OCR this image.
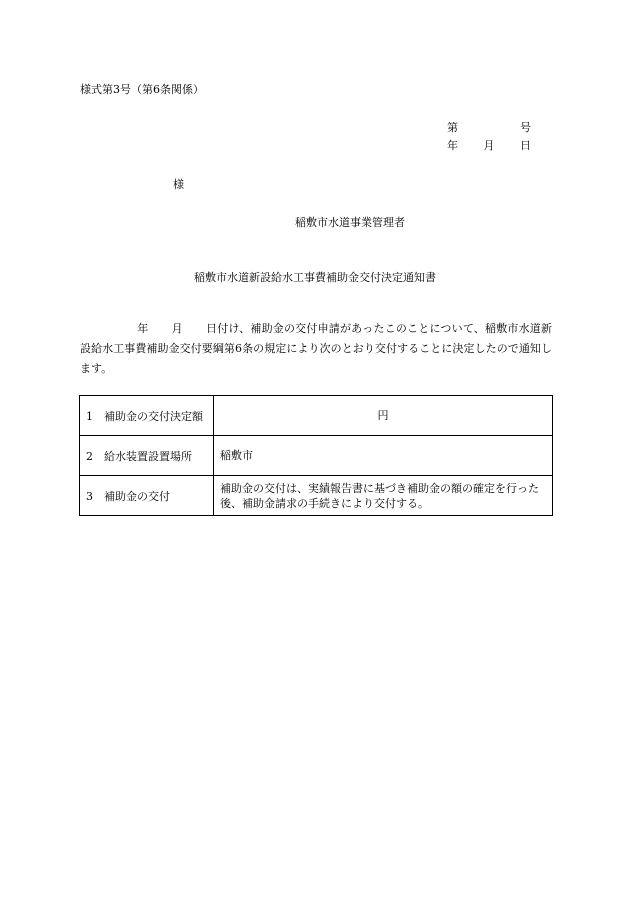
様式第3号（第6条関係）
第	号
年 月 日
様
稲敷市水道事業管理者
稲敷市水道新設給水工事費補助金交付決定通知書
年 月 日付け、補助金の交付申請があったこのことについて、稲敷市水道新設給水工事費補助金交付要綱第6条の規定により次のとおり交付することに決定したので通知します。
1　補助金の交付決定額	円
2　給水装置設置場所	稲敷市
3　補助金の交付	補助金の交付は、実績報告書に基づき補助金の額の確定を行った後、補助金請求の手続きにより交付する。
